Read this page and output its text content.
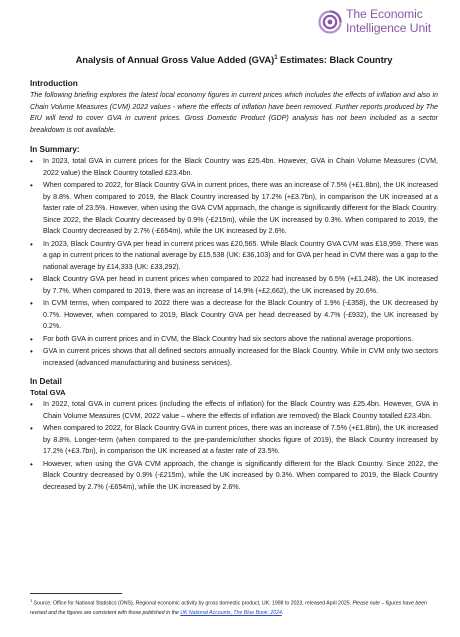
The Economic
Intelligence Unit
Analysis of Annual Gross Value Added (GVA)$^1$ Estimates: Black Country
Introduction

The following briefing explores the latest local economy figures in current prices which includes the effects of inflation and also in Chain Volume Measures (CVM) 2022 values - where the effects of inflation have been removed. Further reports produced by The EIU will tend to cover GVA in current prices. Gross Domestic Product (GDP) analysis has not been included as a sector breakdown is not available.

In Summary:
• In 2023, total GVA in current prices for the Black Country was £25.4bn. However, GVA in Chain Volume Measures (CVM, 2022 value) the Black Country totalled £23.4bn.
• When compared to 2022, for Black Country GVA in current prices, there was an increase of 7.5% (+£1.8bn), the UK increased by 8.8%. When compared to 2019, the Black Country increased by 17.2% (+£3.7bn), in comparison the UK increased at a faster rate of 23.5%. However, when using the GVA CVM approach, the change is significantly different for the Black Country. Since 2022, the Black Country decreased by 0.9% (-£215m), while the UK increased by 0.3%. When compared to 2019, the Black Country decreased by 2.7% (-£654m), while the UK increased by 2.6%.
• In 2023, Black Country GVA per head in current prices was £20,565. While Black Country GVA CVM was £18,959. There was a gap in current prices to the national average by £15,538 (UK: £36,103) and for GVA per head in CVM there was a gap to the national average by £14,333 (UK: £33,292).
• Black Country GVA per head in current prices when compared to 2022 had increased by 6.5% (+£1,248), the UK increased by 7.7%. When compared to 2019, there was an increase of 14.9% (+£2,662), the UK increased by 20.6%.
• In CVM terms, when compared to 2022 there was a decrease for the Black Country of 1.9% (-£358), the UK decreased by 0.7%. However, when compared to 2019, Black Country GVA per head decreased by 4.7% (-£932), the UK increased by 0.2%.
• For both GVA in current prices and in CVM, the Black Country had six sectors above the national average proportions.
• GVA in current prices shows that all defined sectors annually increased for the Black Country. While in CVM only two sectors increased (advanced manufacturing and business services).
In Detail
Total GVA
• In 2022, total GVA in current prices (including the effects of inflation) for the Black Country was £25.4bn. However, GVA in Chain Volume Measures (CVM, 2022 value – where the effects of inflation are removed) the Black Country totalled £23.4bn.
• When compared to 2022, for Black Country GVA in current prices, there was an increase of 7.5% (+£1.8bn), the UK increased by 8.8%. Longer-term (when compared to the pre-pandemic/other shocks figure of 2019), the Black Country increased by 17.2% (+£3.7bn), in comparison the UK increased at a faster rate of 23.5%.
• However, when using the GVA CVM approach, the change is significantly different for the Black Country. Since 2022, the Black Country decreased by 0.9% (-£215m), while the UK increased by 0.3%. When compared to 2019, the Black Country decreased by 2.7% (-£654m), while the UK increased by 2.6%.
$^1$ Source: Office for National Statistics (ONS), Regional economic activity by gross domestic product, UK: 1998 to 2023, released April 2025. Please note – figures have been revised and the figures are consistent with those published in the UK National Accounts, The Blue Book: 2024.
